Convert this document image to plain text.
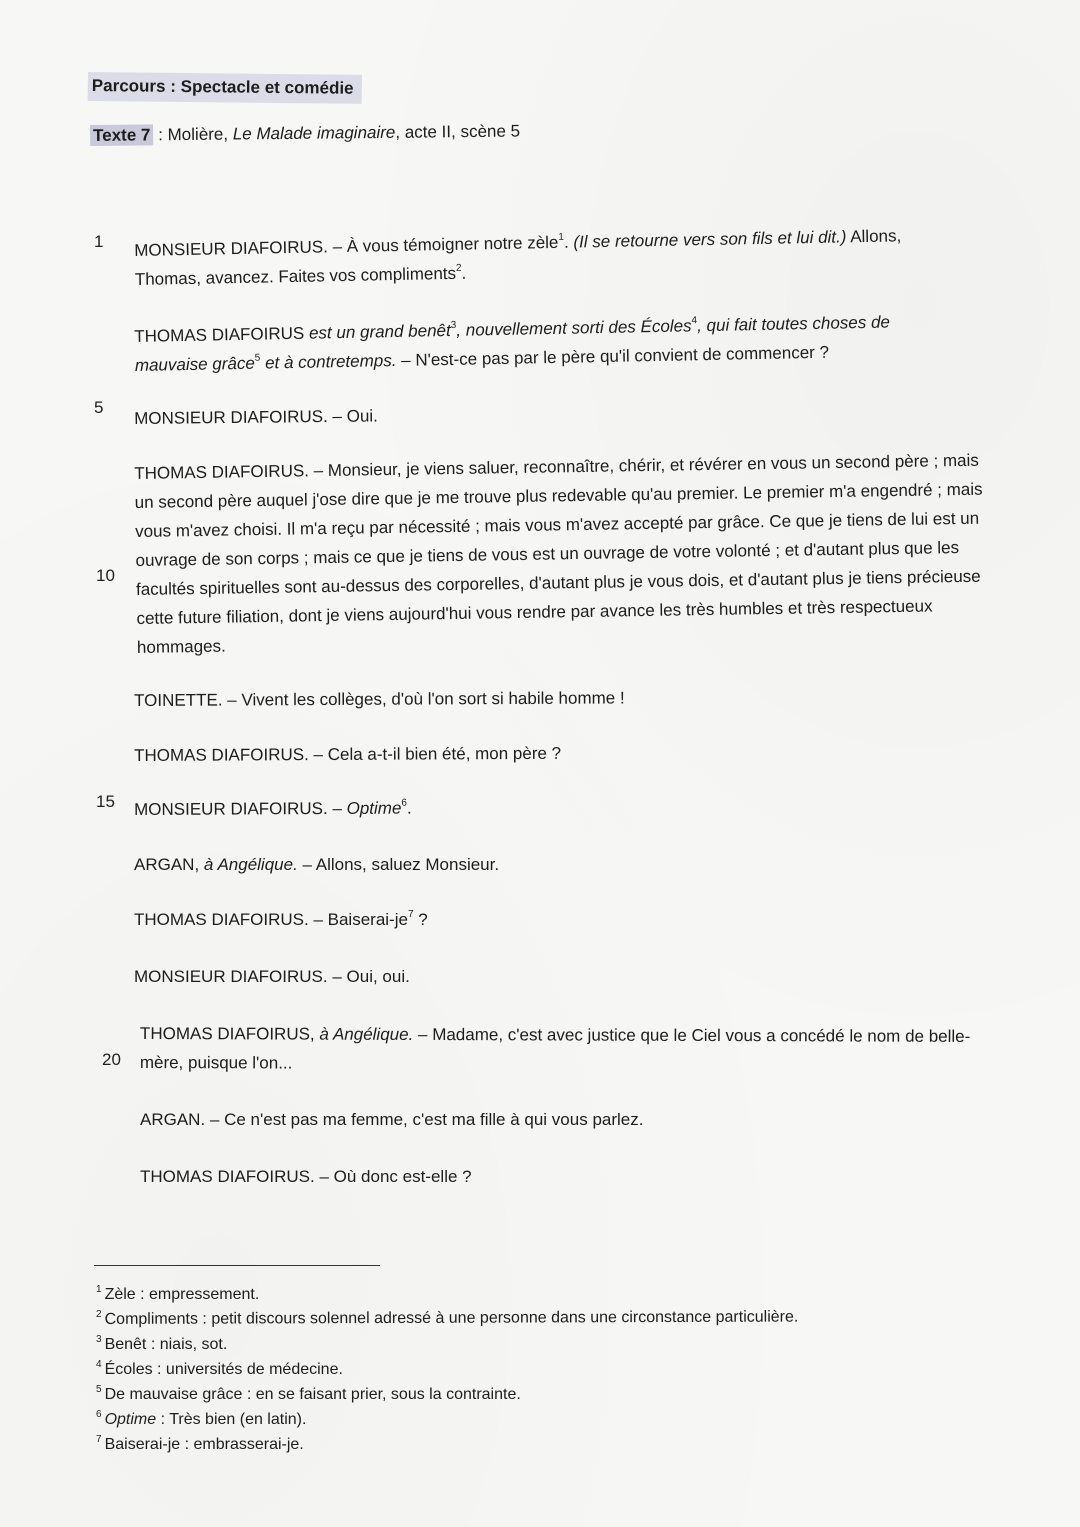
Parcours : Spectacle et comédie
Texte 7 : Molière, Le Malade imaginaire, acte II, scène 5
1
5
10
15
20
MONSIEUR DIAFOIRUS. – À vous témoigner notre zèle$^1$. (Il se retourne vers son fils et lui dit.) Allons,
Thomas, avancez. Faites vos compliments$^2$.
THOMAS DIAFOIRUS est un grand benêt$^3$, nouvellement sorti des Écoles$^4$, qui fait toutes choses de
mauvaise grâce$^5$ et à contretemps. – N'est-ce pas par le père qu'il convient de commencer ?
MONSIEUR DIAFOIRUS. – Oui.
THOMAS DIAFOIRUS. – Monsieur, je viens saluer, reconnaître, chérir, et révérer en vous un second père ; mais un second père auquel j'ose dire que je me trouve plus redevable qu'au premier. Le premier m'a engendré ; mais vous m'avez choisi. Il m'a reçu par nécessité ; mais vous m'avez accepté par grâce. Ce que je tiens de lui est un ouvrage de son corps ; mais ce que je tiens de vous est un ouvrage de votre volonté ; et d'autant plus que les facultés spirituelles sont au-dessus des corporelles, d'autant plus je vous dois, et d'autant plus je tiens précieuse cette future filiation, dont je viens aujourd'hui vous rendre par avance les très humbles et très respectueux hommages.
TOINETTE. – Vivent les collèges, d'où l'on sort si habile homme !
THOMAS DIAFOIRUS. – Cela a-t-il bien été, mon père ?
MONSIEUR DIAFOIRUS. – Optime$^6$.
ARGAN, à Angélique. – Allons, saluez Monsieur.
THOMAS DIAFOIRUS. – Baiserai-$je^7$ ?
MONSIEUR DIAFOIRUS. – Oui, oui.
THOMAS DIAFOIRUS, à Angélique. – Madame, c'est avec justice que le Ciel vous a concédé le nom de belle-mère, puisque l'on...
ARGAN. – Ce n'est pas ma femme, c'est ma fille à qui vous parlez.
THOMAS DIAFOIRUS. – Où donc est-elle ?
$^1$ Zèle : empressement.
$^2$ Compliments : petit discours solennel adressé à une personne dans une circonstance particulière.
$^3$ Benêt : niais, sot.
$^4$ Écoles : universités de médecine.
$^5$ De mauvaise grâce : en se faisant prier, sous la contrainte.
$^6$ Optime : Très bien (en latin).
$^7$ Baiserai-je : embrasserai-je.
